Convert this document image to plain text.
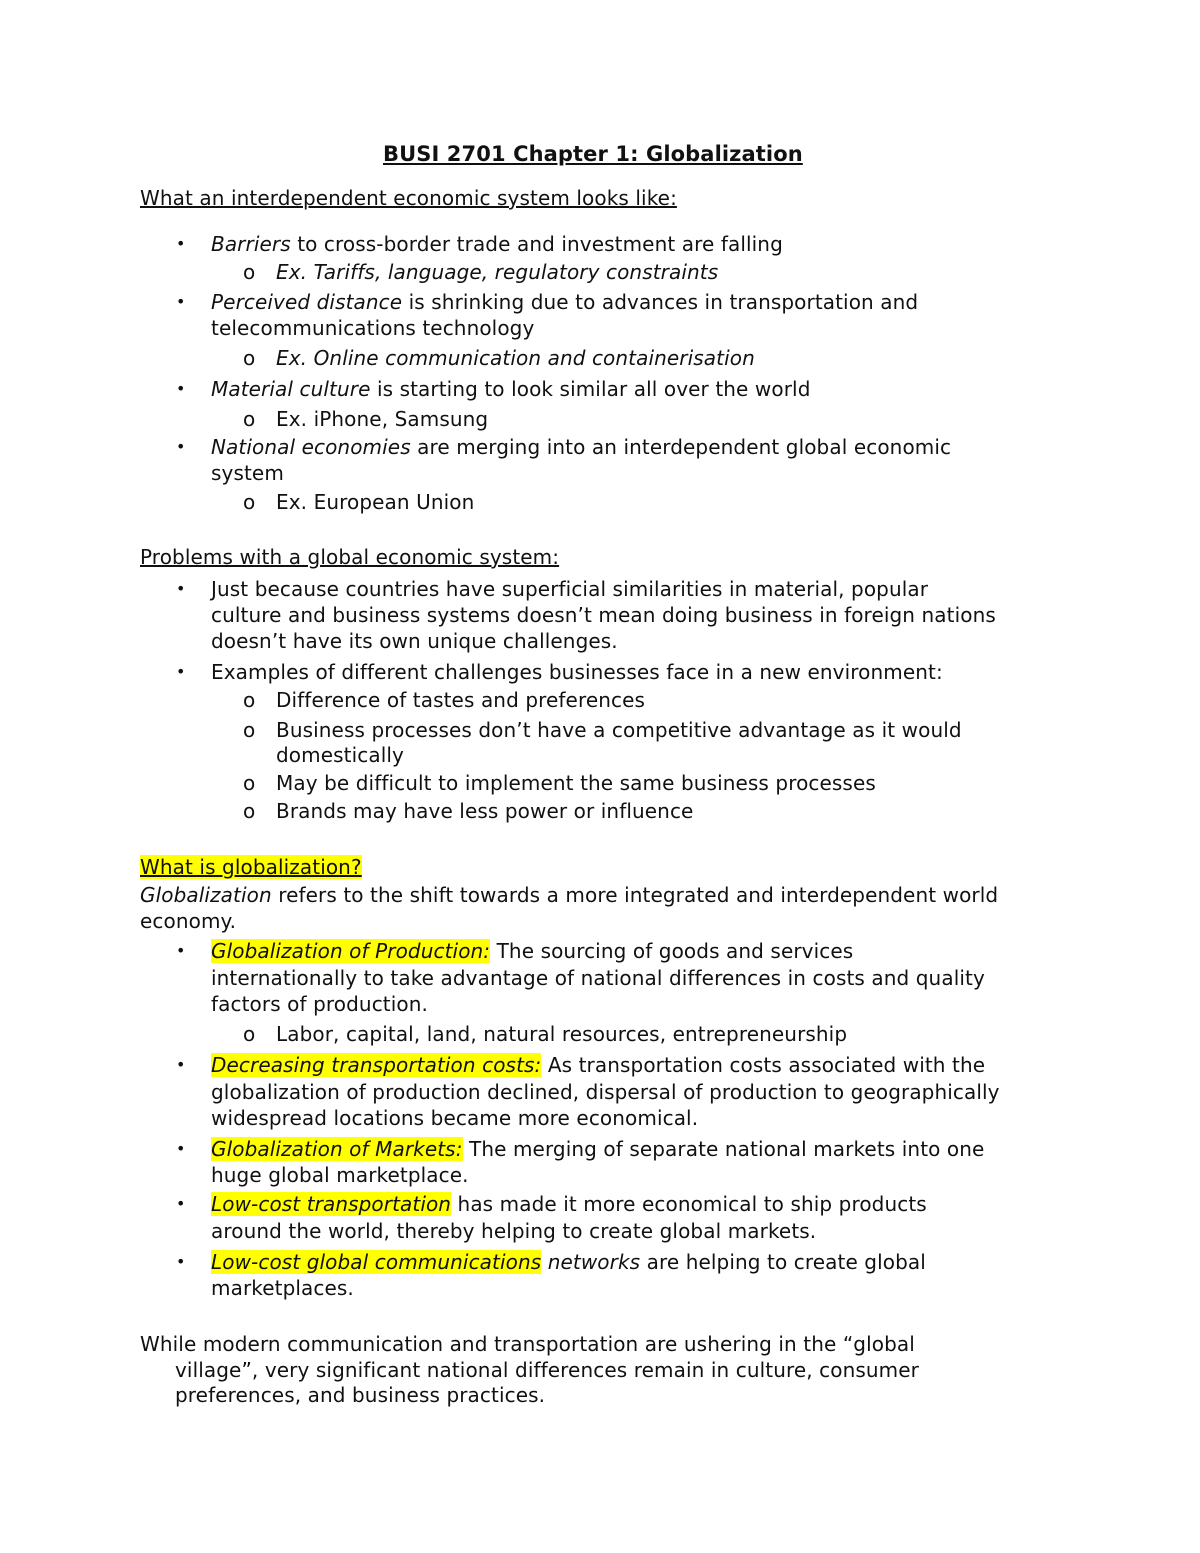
BUSI 2701 Chapter 1: Globalization
What an interdependent economic system looks like:
• Barriers to cross-border trade and investment are falling
o Ex. Tariffs, language, regulatory constraints
• Perceived distance is shrinking due to advances in transportation and
telecommunications technology
o Ex. Online communication and containerisation
• Material culture is starting to look similar all over the world
o Ex. iPhone, Samsung
• National economies are merging into an interdependent global economic
system
o Ex. European Union
Problems with a global economic system:
• Just because countries have superficial similarities in material, popular
culture and business systems doesn’t mean doing business in foreign nations
doesn’t have its own unique challenges.
• Examples of different challenges businesses face in a new environment:
o Difference of tastes and preferences
o Business processes don’t have a competitive advantage as it would
domestically
o May be difficult to implement the same business processes
o Brands may have less power or influence
What is globalization?
Globalization refers to the shift towards a more integrated and interdependent world
economy.
• Globalization of Production: The sourcing of goods and services
internationally to take advantage of national differences in costs and quality
factors of production.
o Labor, capital, land, natural resources, entrepreneurship
• Decreasing transportation costs: As transportation costs associated with the
globalization of production declined, dispersal of production to geographically
widespread locations became more economical.
• Globalization of Markets: The merging of separate national markets into one
huge global marketplace.
• Low-cost transportation has made it more economical to ship products
around the world, thereby helping to create global markets.
• Low-cost global communications networks are helping to create global
marketplaces.
While modern communication and transportation are ushering in the “global
village”, very significant national differences remain in culture, consumer
preferences, and business practices.
